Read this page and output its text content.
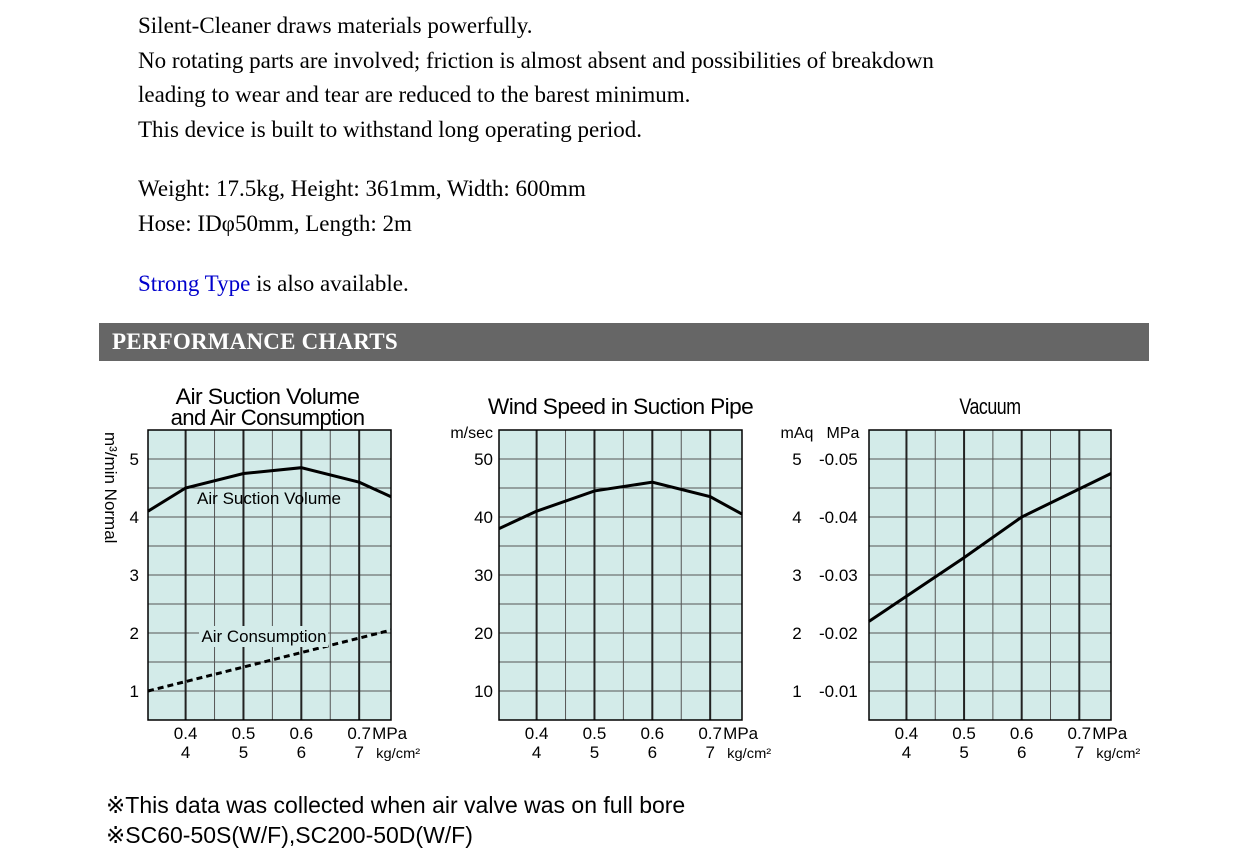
Silent-Cleaner draws materials powerfully.
No rotating parts are involved; friction is almost absent and possibilities of breakdown
leading to wear and tear are reduced to the barest minimum.
This device is built to withstand long operating period.
Weight: 17.5kg, Height: 361mm, Width: 600mm
Hose: IDφ50mm, Length: 2m
Strong Type is also available.
PERFORMANCE CHARTS
Air Suction Volume
and Air Consumption
1
2
3
4
5
m³/min Normal
0.4
4
0.5
5
0.6
6
0.7
7
MPa
kg/cm²
Air Suction Volume
Air Consumption
Wind Speed in Suction Pipe
10
20
30
40
50
m/sec
0.4
4
0.5
5
0.6
6
0.7
7
MPa
kg/cm²
Vacuum
1 -0.01
2 -0.02
3 -0.03
4 -0.04
5 -0.05
mAq MPa
0.4
4
0.5
5
0.6
6
0.7
7
MPa
kg/cm²
※This data was collected when air valve was on full bore
※SC60-50S(W/F),SC200-50D(W/F)
